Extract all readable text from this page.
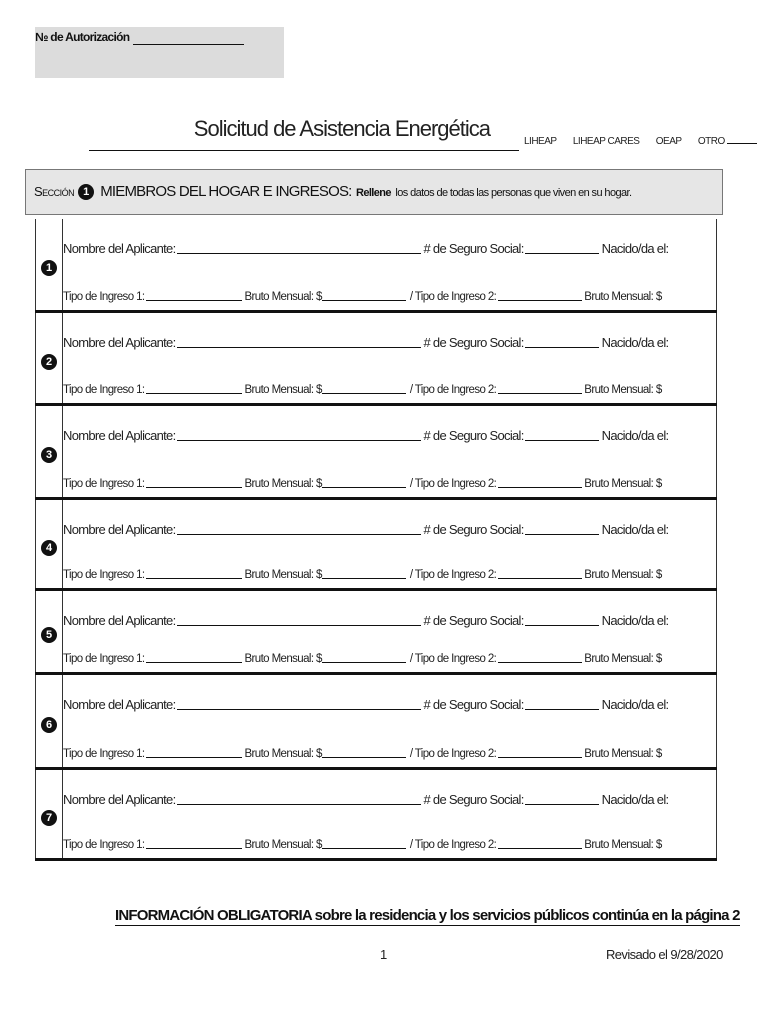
№ de Autorización
Solicitud de Asistencia Energética
LIHEAP LIHEAP CARES OEAP OTRO
Sección 1 MIEMBROS DEL HOGAR E INGRESOS: Rellene los datos de todas las personas que viven en su hogar.
1
Nombre del Aplicante:	# de Seguro Social:	Nacido/da el:
Tipo de Ingreso 1:	Bruto Mensual: $	/ Tipo de Ingreso 2:	Bruto Mensual: $
2
Nombre del Aplicante:	# de Seguro Social:	Nacido/da el:
Tipo de Ingreso 1:	Bruto Mensual: $	/ Tipo de Ingreso 2:	Bruto Mensual: $
3
Nombre del Aplicante:	# de Seguro Social:	Nacido/da el:
Tipo de Ingreso 1:	Bruto Mensual: $	/ Tipo de Ingreso 2:	Bruto Mensual: $
4
Nombre del Aplicante:	# de Seguro Social:	Nacido/da el:
Tipo de Ingreso 1:	Bruto Mensual: $	/ Tipo de Ingreso 2:	Bruto Mensual: $
5
Nombre del Aplicante:	# de Seguro Social:	Nacido/da el:
Tipo de Ingreso 1:	Bruto Mensual: $	/ Tipo de Ingreso 2:	Bruto Mensual: $
6
Nombre del Aplicante:	# de Seguro Social:	Nacido/da el:
Tipo de Ingreso 1:	Bruto Mensual: $	/ Tipo de Ingreso 2:	Bruto Mensual: $
7
Nombre del Aplicante:	# de Seguro Social:	Nacido/da el:
Tipo de Ingreso 1:	Bruto Mensual: $	/ Tipo de Ingreso 2:	Bruto Mensual: $
INFORMACIÓN OBLIGATORIA sobre la residencia y los servicios públicos continúa en la página 2
1	Revisado el 9/28/2020
